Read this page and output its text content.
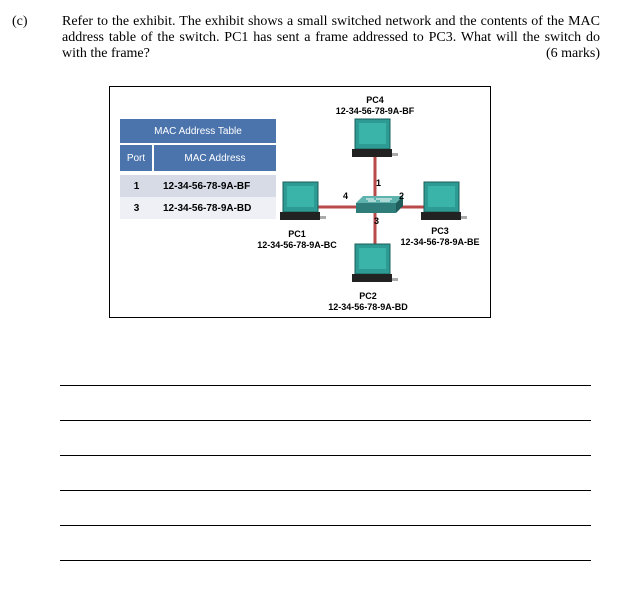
(c) Refer to the exhibit. The exhibit shows a small switched network and the contents of the MAC address table of the switch. PC1 has sent a frame addressed to PC3. What will the switch do with the frame?	(6 marks)
MAC Address Table	
Port	MAC Address
1	12-34-56-78-9A-BF
3	12-34-56-78-9A-BD
PC4
12-34-56-78-9A-BF
PC1
12-34-56-78-9A-BC
PC3
12-34-56-78-9A-BE
PC2
12-34-56-78-9A-BD
1
2
3
4
